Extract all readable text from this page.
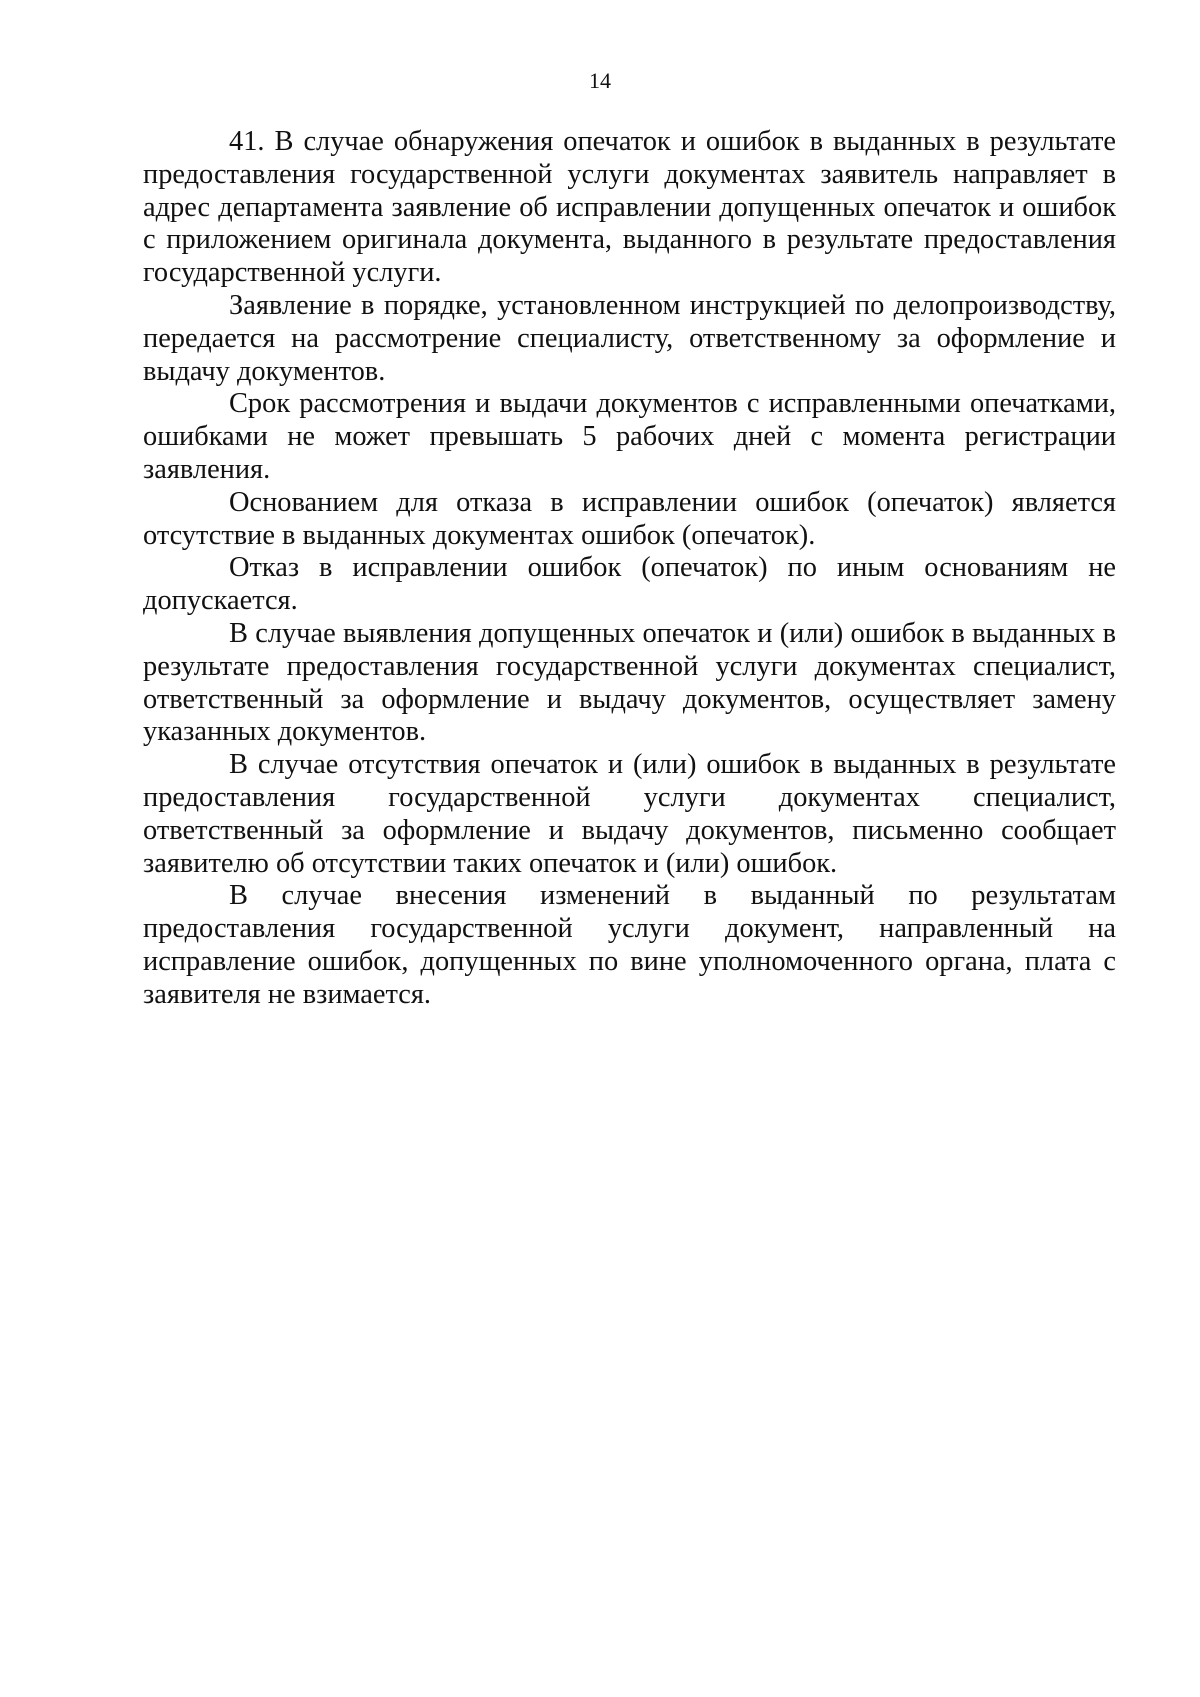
14

41. В случае обнаружения опечаток и ошибок в выданных в результате предоставления государственной услуги документах заявитель направляет в адрес департамента заявление об исправлении допущенных опечаток и ошибок с приложением оригинала документа, выданного в результате предоставления государственной услуги.

Заявление в порядке, установленном инструкцией по делопроизводству, передается на рассмотрение специалисту, ответственному за оформление и выдачу документов.

Срок рассмотрения и выдачи документов с исправленными опечатками, ошибками не может превышать 5 рабочих дней с момента регистрации заявления.

Основанием для отказа в исправлении ошибок (опечаток) является отсутствие в выданных документах ошибок (опечаток).

Отказ в исправлении ошибок (опечаток) по иным основаниям не допускается.

В случае выявления допущенных опечаток и (или) ошибок в выданных в результате предоставления государственной услуги документах специалист, ответственный за оформление и выдачу документов, осуществляет замену указанных документов.

В случае отсутствия опечаток и (или) ошибок в выданных в результате предоставления государственной услуги документах специалист, ответственный за оформление и выдачу документов, письменно сообщает заявителю об отсутствии таких опечаток и (или) ошибок.

В случае внесения изменений в выданный по результатам предоставления государственной услуги документ, направленный на исправление ошибок, допущенных по вине уполномоченного органа, плата с заявителя не взимается.
